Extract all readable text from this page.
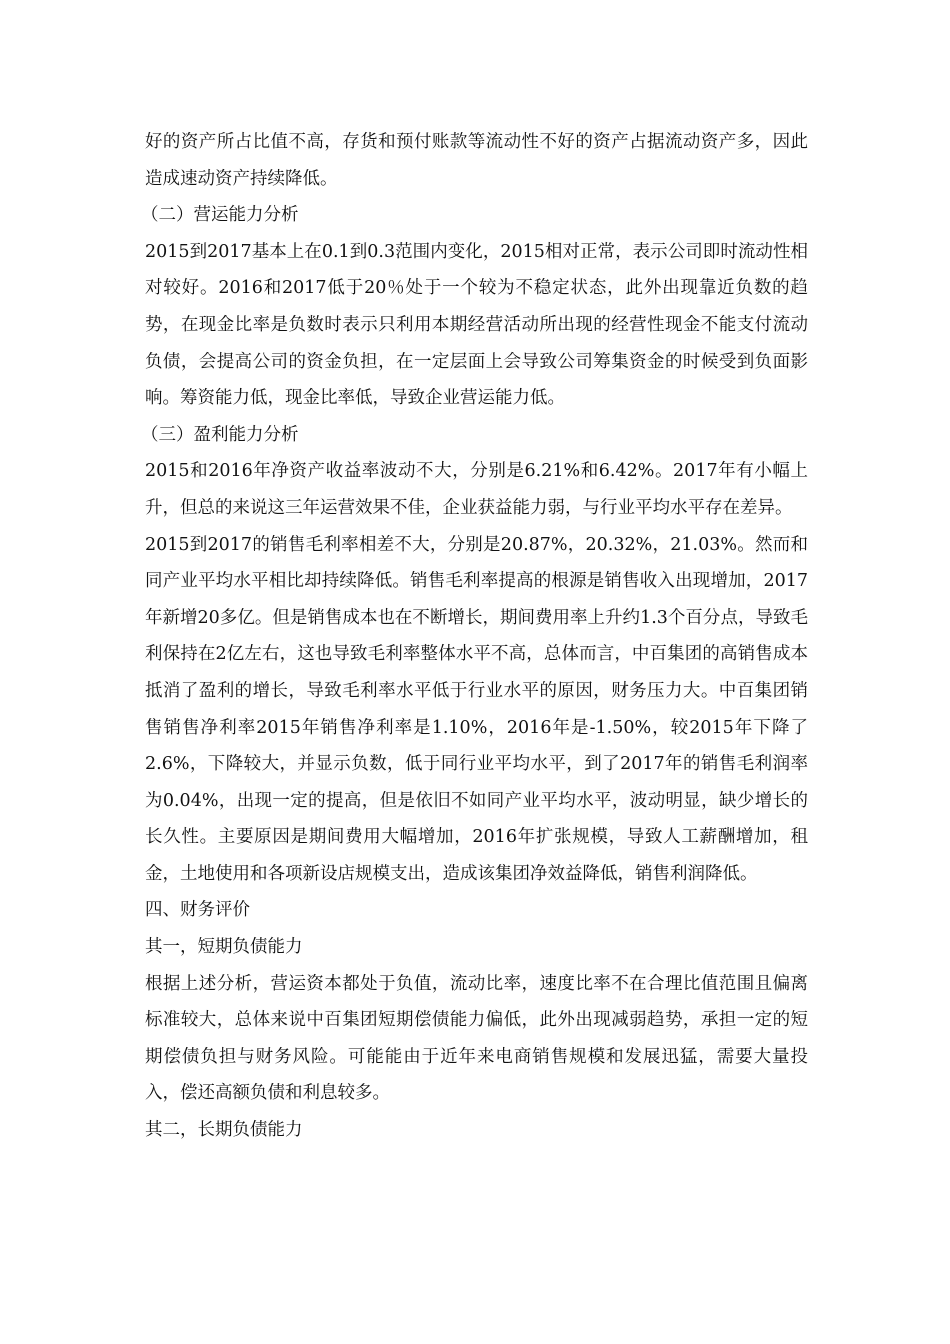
好的资产所占比值不高，存货和预付账款等流动性不好的资产占据流动资产多，因此造成速动资产持续降低。

（二）营运能力分析

2015到2017基本上在0.1到0.3范围内变化，2015相对正常，表示公司即时流动性相对较好。2016和2017低于20％处于一个较为不稳定状态，此外出现靠近负数的趋势，在现金比率是负数时表示只利用本期经营活动所出现的经营性现金不能支付流动负债，会提高公司的资金负担，在一定层面上会导致公司筹集资金的时候受到负面影响。筹资能力低，现金比率低，导致企业营运能力低。

（三）盈利能力分析

2015和2016年净资产收益率波动不大，分别是6.21%和6.42%。2017年有小幅上升，但总的来说这三年运营效果不佳，企业获益能力弱，与行业平均水平存在差异。

2015到2017的销售毛利率相差不大，分别是20.87%，20.32%，21.03%。然而和同产业平均水平相比却持续降低。销售毛利率提高的根源是销售收入出现增加，2017年新增20多亿。但是销售成本也在不断增长，期间费用率上升约1.3个百分点，导致毛利保持在2亿左右，这也导致毛利率整体水平不高，总体而言，中百集团的高销售成本抵消了盈利的增长，导致毛利率水平低于行业水平的原因，财务压力大。中百集团销售销售净利率2015年销售净利率是1.10%，2016年是-1.50%，较2015年下降了2.6%，下降较大，并显示负数，低于同行业平均水平，到了2017年的销售毛利润率为0.04%，出现一定的提高，但是依旧不如同产业平均水平，波动明显，缺少增长的长久性。主要原因是期间费用大幅增加，2016年扩张规模，导致人工薪酬增加，租金，土地使用和各项新设店规模支出，造成该集团净效益降低，销售利润降低。

四、财务评价

其一，短期负债能力

根据上述分析，营运资本都处于负值，流动比率，速度比率不在合理比值范围且偏离标准较大，总体来说中百集团短期偿债能力偏低，此外出现减弱趋势，承担一定的短期偿债负担与财务风险。可能能由于近年来电商销售规模和发展迅猛，需要大量投入，偿还高额负债和利息较多。

其二，长期负债能力
